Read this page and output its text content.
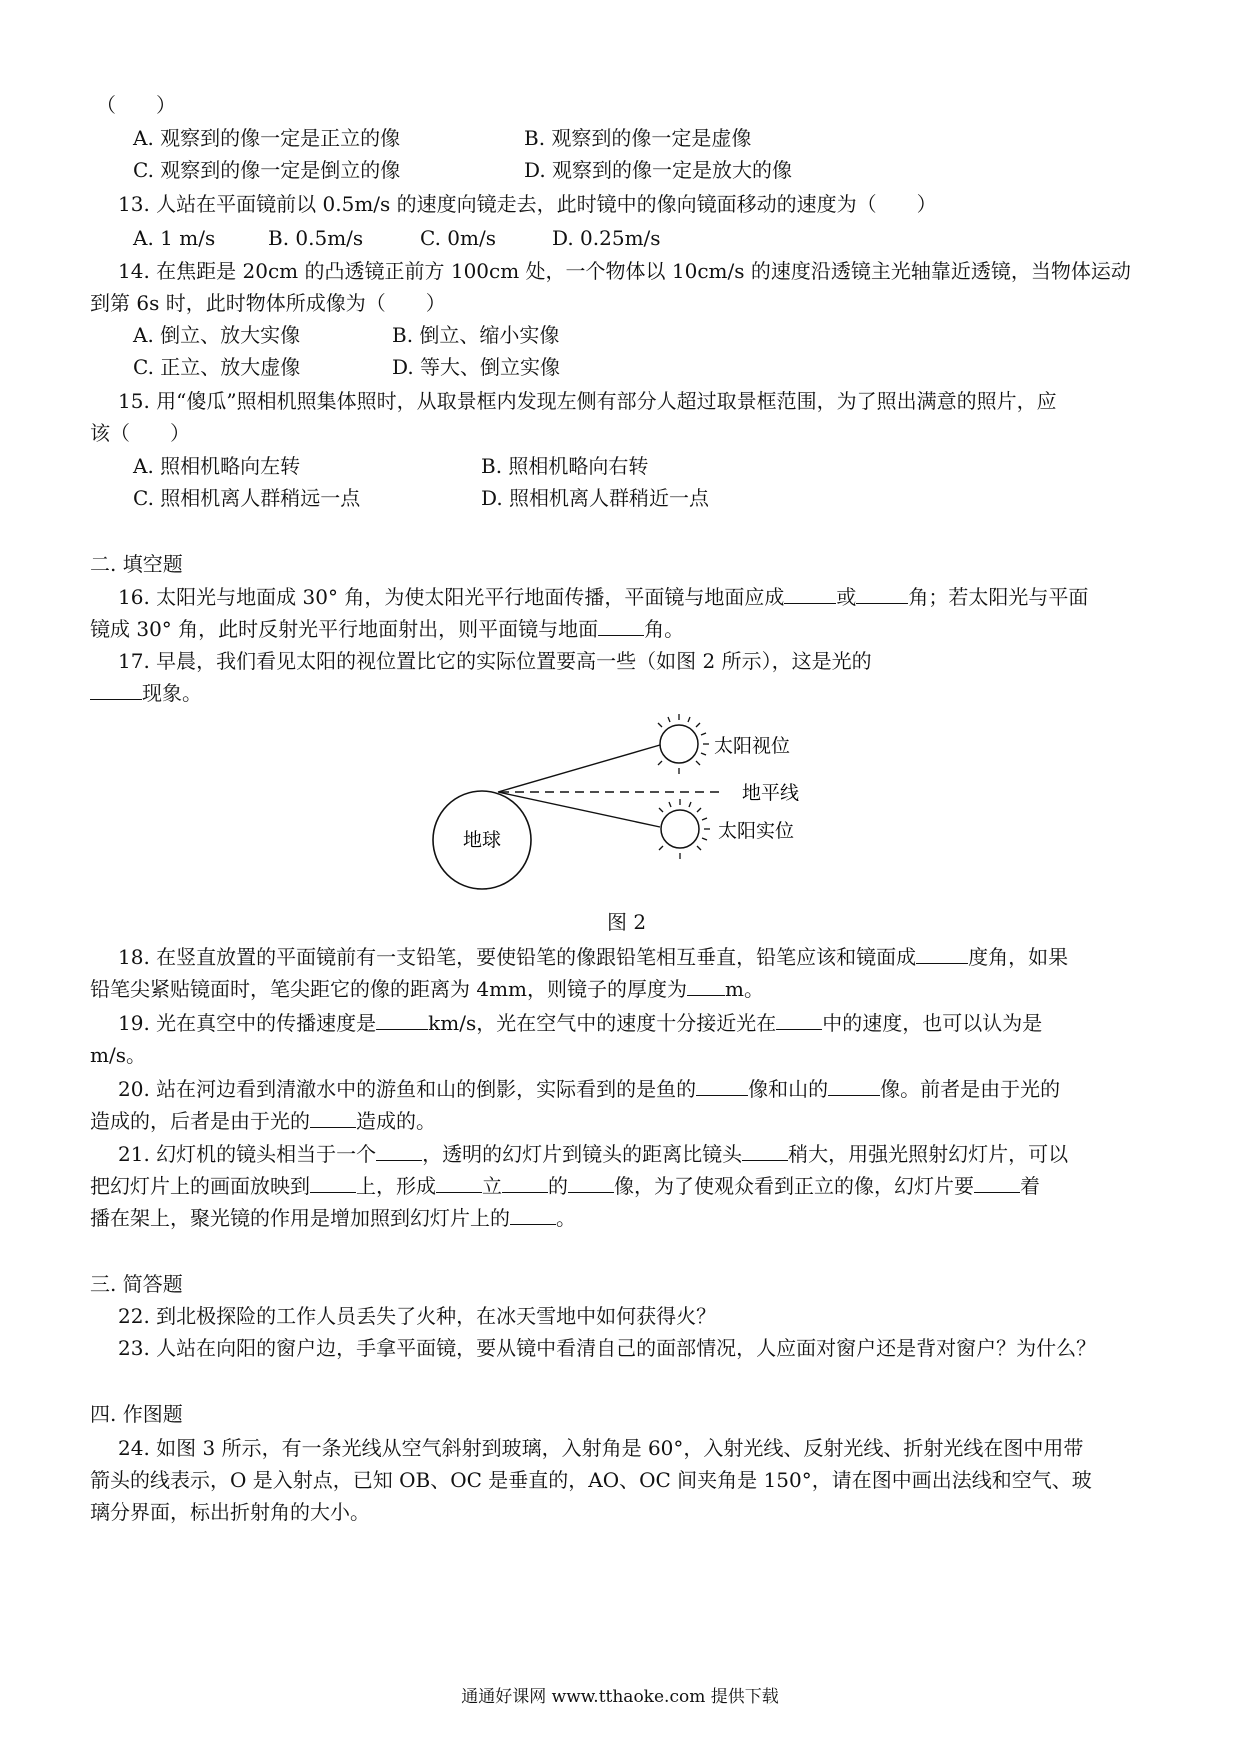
（　　）
A. 观察到的像一定是正立的像	B. 观察到的像一定是虚像
C. 观察到的像一定是倒立的像	D. 观察到的像一定是放大的像
13. 人站在平面镜前以 0.5m/s 的速度向镜走去，此时镜中的像向镜面移动的速度为（　　）
A. 1 m/s	B. 0.5m/s	C. 0m/s	D. 0.25m/s
14. 在焦距是 20cm 的凸透镜正前方 100cm 处，一个物体以 10cm/s 的速度沿透镜主光轴靠近透镜，当物体运动
到第 6s 时，此时物体所成像为（　　）
A. 倒立、放大实像	B. 倒立、缩小实像
C. 正立、放大虚像	D. 等大、倒立实像
15. 用“傻瓜”照相机照集体照时，从取景框内发现左侧有部分人超过取景框范围，为了照出满意的照片，应
该（　　）
A. 照相机略向左转	B. 照相机略向右转
C. 照相机离人群稍远一点	D. 照相机离人群稍近一点
二. 填空题
16. 太阳光与地面成 30° 角，为使太阳光平行地面传播，平面镜与地面应成	或	角；若太阳光与平面
镜成 30° 角，此时反射光平行地面射出，则平面镜与地面 角。
17. 早晨，我们看见太阳的视位置比它的实际位置要高一些（如图 2 所示），这是光的
现象。
地球
太阳视位
地平线
太阳实位
图 2
18. 在竖直放置的平面镜前有一支铅笔，要使铅笔的像跟铅笔相互垂直，铅笔应该和镜面成	度角，如果
铅笔尖紧贴镜面时，笔尖距它的像的距离为 4mm，则镜子的厚度为 m。
19. 光在真空中的传播速度是	km/s，光在空气中的速度十分接近光在 中的速度，也可以认为是
m/s。
20. 站在河边看到清澈水中的游鱼和山的倒影，实际看到的是鱼的	像和山的	像。前者是由于光的
造成的，后者是由于光的 造成的。
21. 幻灯机的镜头相当于一个 ，透明的幻灯片到镜头的距离比镜头 稍大，用强光照射幻灯片，可以
把幻灯片上的画面放映到 上，形成 立 的 像，为了使观众看到正立的像，幻灯片要 着
播在架上，聚光镜的作用是增加照到幻灯片上的 。
三. 简答题
22. 到北极探险的工作人员丢失了火种，在冰天雪地中如何获得火？
23. 人站在向阳的窗户边，手拿平面镜，要从镜中看清自己的面部情况，人应面对窗户还是背对窗户？为什么？
四. 作图题
24. 如图 3 所示，有一条光线从空气斜射到玻璃，入射角是 60°，入射光线、反射光线、折射光线在图中用带
箭头的线表示，O 是入射点，已知 OB、OC 是垂直的，AO、OC 间夹角是 150°，请在图中画出法线和空气、玻
璃分界面，标出折射角的大小。
通通好课网 www.tthaoke.com 提供下载
